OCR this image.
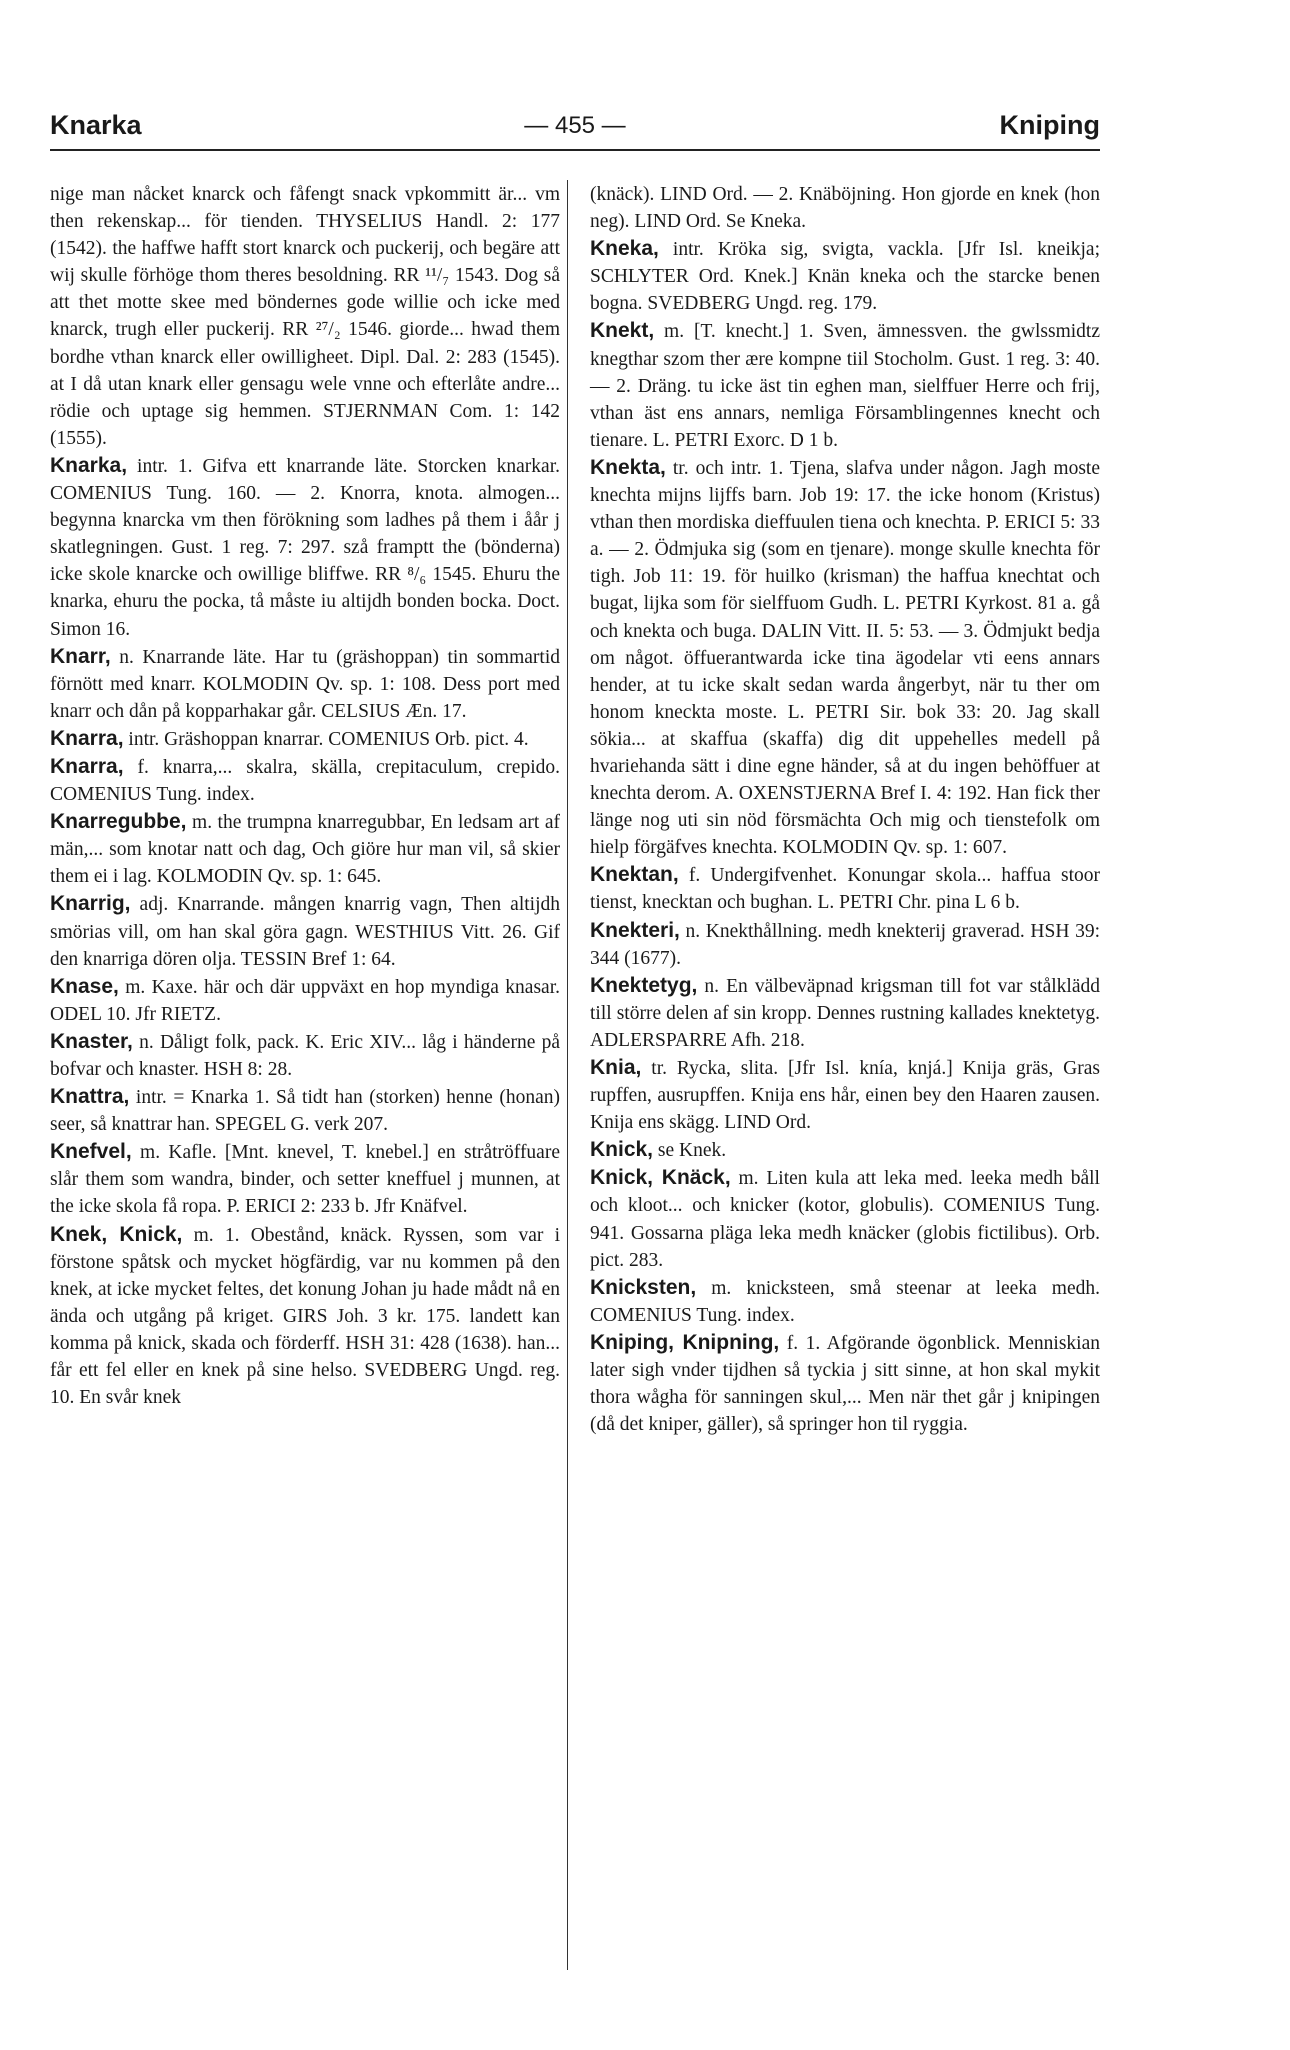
Knarka	— 455 —	Kniping

nige man nåcket knarck och fåfengt snack vpkommitt är... vm then rekenskap... för tienden. THYSELIUS Handl. 2: 177 (1542). the haffwe hafft stort knarck och puckerij, och begäre att wij skulle förhöge thom theres besoldning. RR ¹¹/₇ 1543. Dog så att thet motte skee med böndernes gode willie och icke med knarck, trugh eller puckerij. RR ²⁷/₂ 1546. giorde... hwad them bordhe vthan knarck eller owilligheet. Dipl. Dal. 2: 283 (1545). at I då utan knark eller gensagu wele vnne och efterlåte andre... rödie och uptage sig hemmen. STJERNMAN Com. 1: 142 (1555).

Knarka, intr. 1. Gifva ett knarrande läte. Storcken knarkar. COMENIUS Tung. 160. — 2. Knorra, knota. almogen... begynna knarcka vm then förökning som ladhes på them i åår j skatlegningen. Gust. 1 reg. 7: 297. szå framptt the (bönderna) icke skole knarcke och owillige bliffwe. RR ⁸/₆ 1545. Ehuru the knarka, ehuru the pocka, tå måste iu altijdh bonden bocka. Doct. Simon 16.

Knarr, n. Knarrande läte. Har tu (gräshoppan) tin sommartid förnött med knarr. KOLMODIN Qv. sp. 1: 108. Dess port med knarr och dån på kopparhakar går. CELSIUS Æn. 17.

Knarra, intr. Gräshoppan knarrar. COMENIUS Orb. pict. 4.

Knarra, f. knarra,... skalra, skälla, crepitaculum, crepido. COMENIUS Tung. index.

Knarregubbe, m. the trumpna knarregubbar, En ledsam art af män,... som knotar natt och dag, Och giöre hur man vil, så skier them ei i lag. KOLMODIN Qv. sp. 1: 645.

Knarrig, adj. Knarrande. mången knarrig vagn, Then altijdh smörias vill, om han skal göra gagn. WESTHIUS Vitt. 26. Gif den knarriga dören olja. TESSIN Bref 1: 64.

Knase, m. Kaxe. här och där uppväxt en hop myndiga knasar. ODEL 10. Jfr RIETZ.

Knaster, n. Dåligt folk, pack. K. Eric XIV... låg i händerne på bofvar och knaster. HSH 8: 28.

Knattra, intr. = Knarka 1. Så tidt han (storken) henne (honan) seer, så knattrar han. SPEGEL G. verk 207.

Knefvel, m. Kafle. [Mnt. knevel, T. knebel.] en stråtröffuare slår them som wandra, binder, och setter kneffuel j munnen, at the icke skola få ropa. P. ERICI 2: 233 b. Jfr Knäfvel.

Knek, Knick, m. 1. Obestånd, knäck. Ryssen, som var i förstone spåtsk och mycket högfärdig, var nu kommen på den knek, at icke mycket feltes, det konung Johan ju hade mådt nå en ända och utgång på kriget. GIRS Joh. 3 kr. 175. landett kan komma på knick, skada och förderff. HSH 31: 428 (1638). han... får ett fel eller en knek på sine helso. SVEDBERG Ungd. reg. 10. En svår knek

(knäck). LIND Ord. — 2. Knäböjning. Hon gjorde en knek (hon neg). LIND Ord. Se Kneka.

Kneka, intr. Kröka sig, svigta, vackla. [Jfr Isl. kneikja; SCHLYTER Ord. Knek.] Knän kneka och the starcke benen bogna. SVEDBERG Ungd. reg. 179.

Knekt, m. [T. knecht.] 1. Sven, ämnessven. the gwlssmidtz knegthar szom ther ære kompne tiil Stocholm. Gust. 1 reg. 3: 40. — 2. Dräng. tu icke äst tin eghen man, sielffuer Herre och frij, vthan äst ens annars, nemliga Församblingennes knecht och tienare. L. PETRI Exorc. D 1 b.

Knekta, tr. och intr. 1. Tjena, slafva under någon. Jagh moste knechta mijns lijffs barn. Job 19: 17. the icke honom (Kristus) vthan then mordiska dieffuulen tiena och knechta. P. ERICI 5: 33 a. — 2. Ödmjuka sig (som en tjenare). monge skulle knechta för tigh. Job 11: 19. för huilko (krisman) the haffua knechtat och bugat, lijka som för sielffuom Gudh. L. PETRI Kyrkost. 81 a. gå och knekta och buga. DALIN Vitt. II. 5: 53. — 3. Ödmjukt bedja om något. öffuerantwarda icke tina ägodelar vti eens annars hender, at tu icke skalt sedan warda ångerbyt, när tu ther om honom kneckta moste. L. PETRI Sir. bok 33: 20. Jag skall sökia... at skaffua (skaffa) dig dit uppehelles medell på hvariehanda sätt i dine egne händer, så at du ingen behöffuer at knechta derom. A. OXENSTJERNA Bref I. 4: 192. Han fick ther länge nog uti sin nöd försmächta Och mig och tienstefolk om hielp förgäfves knechta. KOLMODIN Qv. sp. 1: 607.

Knektan, f. Undergifvenhet. Konungar skola... haffua stoor tienst, knecktan och bughan. L. PETRI Chr. pina L 6 b.

Knekteri, n. Knekthållning. medh knekterij graverad. HSH 39: 344 (1677).

Knektetyg, n. En välbeväpnad krigsman till fot var stålklädd till större delen af sin kropp. Dennes rustning kallades knektetyg. ADLERSPARRE Afh. 218.

Knia, tr. Rycka, slita. [Jfr Isl. knía, knjá.] Knija gräs, Gras rupffen, ausrupffen. Knija ens hår, einen bey den Haaren zausen. Knija ens skägg. LIND Ord.

Knick, se Knek.

Knick, Knäck, m. Liten kula att leka med. leeka medh båll och kloot... och knicker (kotor, globulis). COMENIUS Tung. 941. Gossarna pläga leka medh knäcker (globis fictilibus). Orb. pict. 283.

Knicksten, m. knicksteen, små steenar at leeka medh. COMENIUS Tung. index.

Kniping, Knipning, f. 1. Afgörande ögonblick. Menniskian later sigh vnder tijdhen så tyckia j sitt sinne, at hon skal mykit thora wågha för sanningen skul,... Men när thet går j knipingen (då det kniper, gäller), så springer hon til ryggia.
